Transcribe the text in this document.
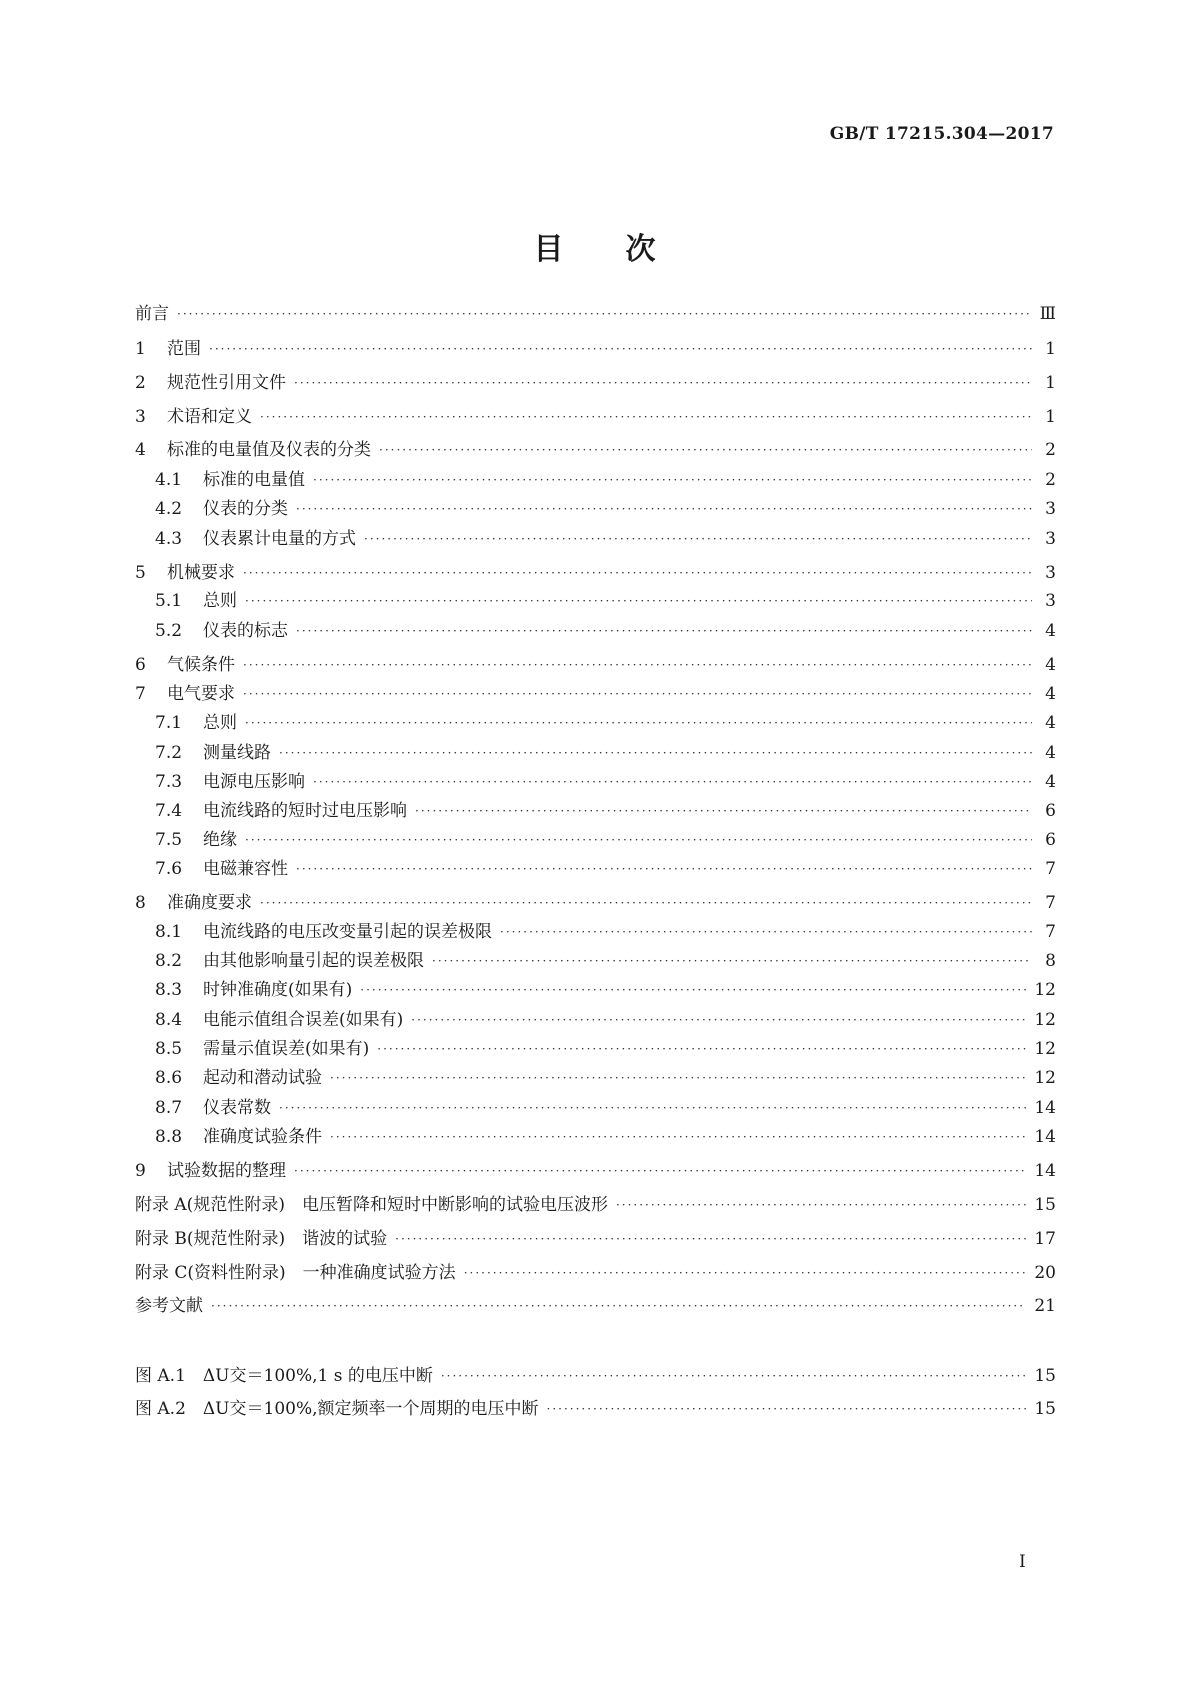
GB/T 17215.304—2017
目 次
前言 ·····	Ⅲ
1	范围 ·····	1
2	规范性引用文件 ·····	1
3	术语和定义 ·····	1
4	标准的电量值及仪表的分类 ·····	2
4.1	标准的电量值 ·····	2
4.2	仪表的分类 ·····	3
4.3	仪表累计电量的方式 ·····	3
5	机械要求 ·····	3
5.1	总则 ·····	3
5.2	仪表的标志 ·····	4
6	气候条件 ·····	4
7	电气要求 ·····	4
7.1	总则 ·····	4
7.2	测量线路 ·····	4
7.3	电源电压影响 ·····	4
7.4	电流线路的短时过电压影响 ·····	6
7.5	绝缘 ·····	6
7.6	电磁兼容性 ·····	7
8	准确度要求 ·····	7
8.1	电流线路的电压改变量引起的误差极限 ·····	7
8.2	由其他影响量引起的误差极限 ·····	8
8.3	时钟准确度(如果有) ·····	12
8.4	电能示值组合误差(如果有) ·····	12
8.5	需量示值误差(如果有) ·····	12
8.6	起动和潜动试验 ·····	12
8.7	仪表常数 ·····	14
8.8	准确度试验条件 ·····	14
9	试验数据的整理 ·····	14
附录 A(规范性附录)　电压暂降和短时中断影响的试验电压波形 ·····	15
附录 B(规范性附录)　谐波的试验 ·····	17
附录 C(资料性附录)　一种准确度试验方法 ·····	20
参考文献 ·····	21
图 A.1　ΔU交＝100%,1 s 的电压中断 ·····	15
图 A.2　ΔU交＝100%,额定频率一个周期的电压中断 ·····	15
I
